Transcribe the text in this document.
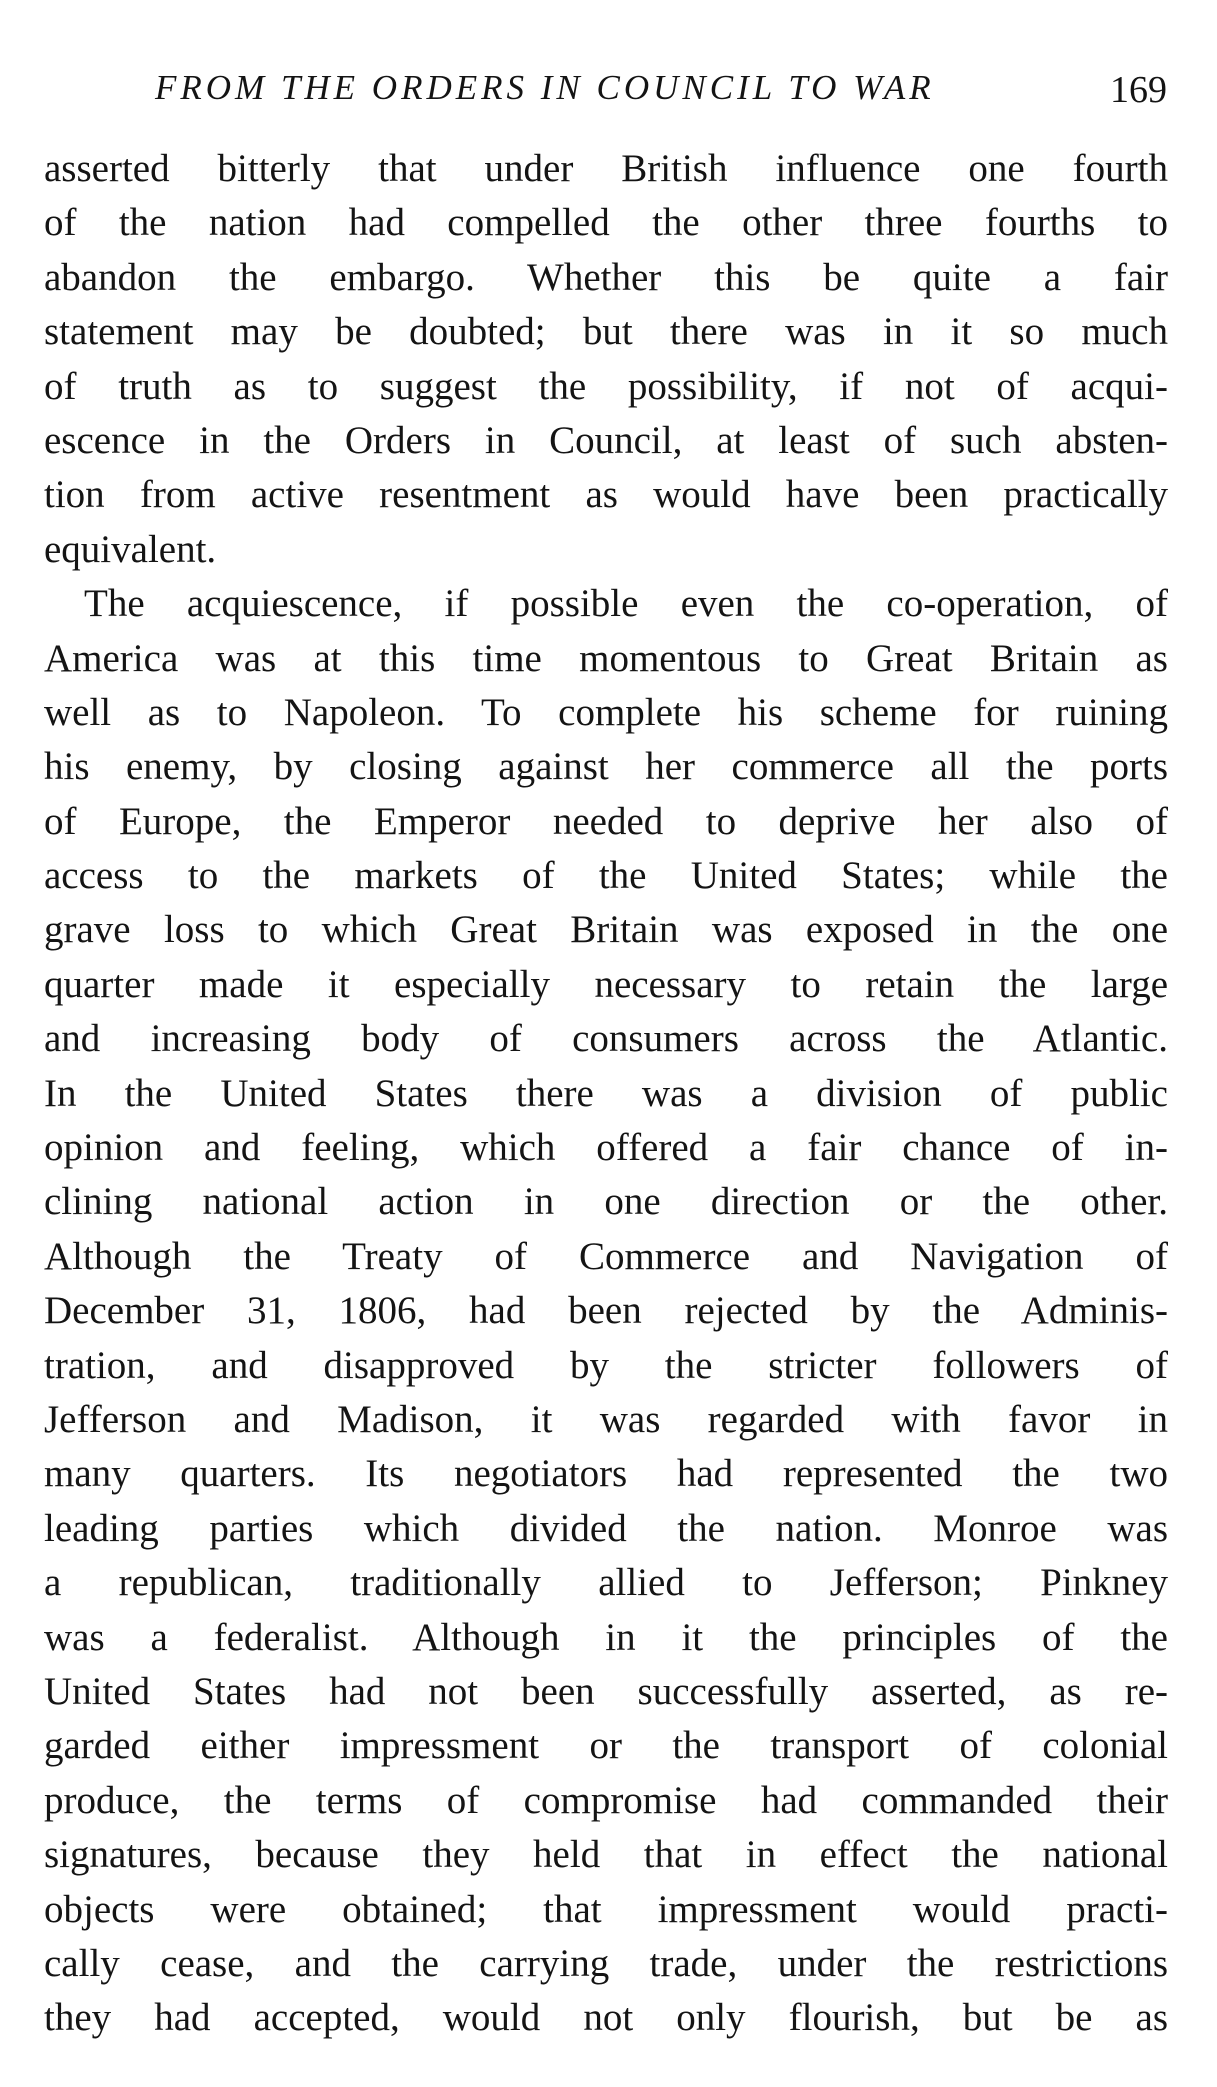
FROM THE ORDERS IN COUNCIL TO WAR	169
asserted bitterly that under British influence one fourth
of the nation had compelled the other three fourths to
abandon the embargo. Whether this be quite a fair
statement may be doubted; but there was in it so much
of truth as to suggest the possibility, if not of acqui-
escence in the Orders in Council, at least of such absten-
tion from active resentment as would have been practically
equivalent.
The acquiescence, if possible even the co-operation, of
America was at this time momentous to Great Britain as
well as to Napoleon. To complete his scheme for ruining
his enemy, by closing against her commerce all the ports
of Europe, the Emperor needed to deprive her also of
access to the markets of the United States; while the
grave loss to which Great Britain was exposed in the one
quarter made it especially necessary to retain the large
and increasing body of consumers across the Atlantic.
In the United States there was a division of public
opinion and feeling, which offered a fair chance of in-
clining national action in one direction or the other.
Although the Treaty of Commerce and Navigation of
December 31, 1806, had been rejected by the Adminis-
tration, and disapproved by the stricter followers of
Jefferson and Madison, it was regarded with favor in
many quarters. Its negotiators had represented the two
leading parties which divided the nation. Monroe was
a republican, traditionally allied to Jefferson; Pinkney
was a federalist. Although in it the principles of the
United States had not been successfully asserted, as re-
garded either impressment or the transport of colonial
produce, the terms of compromise had commanded their
signatures, because they held that in effect the national
objects were obtained; that impressment would practi-
cally cease, and the carrying trade, under the restrictions
they had accepted, would not only flourish, but be as
